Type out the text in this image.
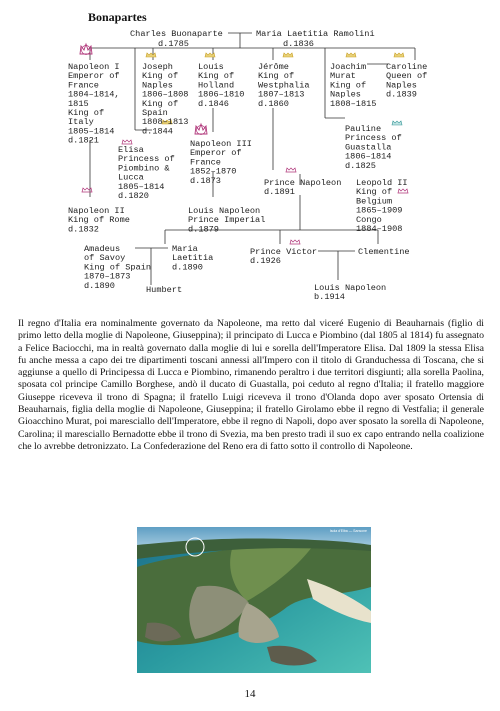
Bonapartes
Charles Buonaparte
d.1785
Maria Laetitia Ramolini
d.1836
Napoleon I
Emperor of
France
1804–1814,
1815
King of
Italy
1805–1814
d.1821
Joseph
King of
Naples
1806–1808
King of
Spain
1808–1813
d.1844
Louis
King of
Holland
1806–1810
d.1846
Jérôme
King of
Westphalia
1807–1813
d.1860
Joachim
Murat
King of
Naples
1808–1815
Caroline
Queen of
Naples
d.1839
Pauline
Princess of
Guastalla
1806–1814
d.1825
Elisa
Princess of
Piombino &
Lucca
1805–1814
d.1820
Napoleon III
Emperor of
France
1852–1870
d.1873
Napoleon II
King of Rome
d.1832
Louis Napoleon
Prince Imperial
d.1879
Prince Napoleon
d.1891
Leopold II
King of
Belgium
1865–1909
Congo
1884–1908
Amadeus
of Savoy
King of Spain
1870–1873
d.1890
Maria
Laetitia
d.1890
Prince Victor
d.1926
Louis Napoleon
b.1914
Humbert
Clementine

Il regno d'Italia era nominalmente governato da Napoleone, ma retto dal viceré Eugenio di Beauharnais (figlio di primo letto della moglie di Napoleone, Giuseppina); il principato di Lucca e Piombino (dal 1805 al 1814) fu assegnato a Felice Baciocchi, ma in realtà governato dalla moglie di lui e sorella dell'Imperatore Elisa. Dal 1809 la stessa Elisa fu anche messa a capo dei tre dipartimenti toscani annessi all'Impero con il titolo di Granduchessa di Toscana, che si aggiunse a quello di Principessa di Lucca e Piombino, rimanendo peraltro i due territori disgiunti; alla sorella Paolina, sposata col principe Camillo Borghese, andò il ducato di Guastalla, poi ceduto al regno d'Italia; il fratello maggiore Giuseppe riceveva il trono di Spagna; il fratello Luigi riceveva il trono d'Olanda dopo aver sposato Ortensia di Beauharnais, figlia della moglie di Napoleone, Giuseppina; il fratello Girolamo ebbe il regno di Vestfalia; il generale Gioacchino Murat, poi maresciallo dell'Imperatore, ebbe il regno di Napoli, dopo aver sposato la sorella di Napoleone, Carolina; il maresciallo Bernadotte ebbe il trono di Svezia, ma ben presto tradì il suo ex capo entrando nella coalizione che lo avrebbe detronizzato. La Confederazione del Reno era di fatto sotto il controllo di Napoleone.

Isola d'Elba — Sansone
14
